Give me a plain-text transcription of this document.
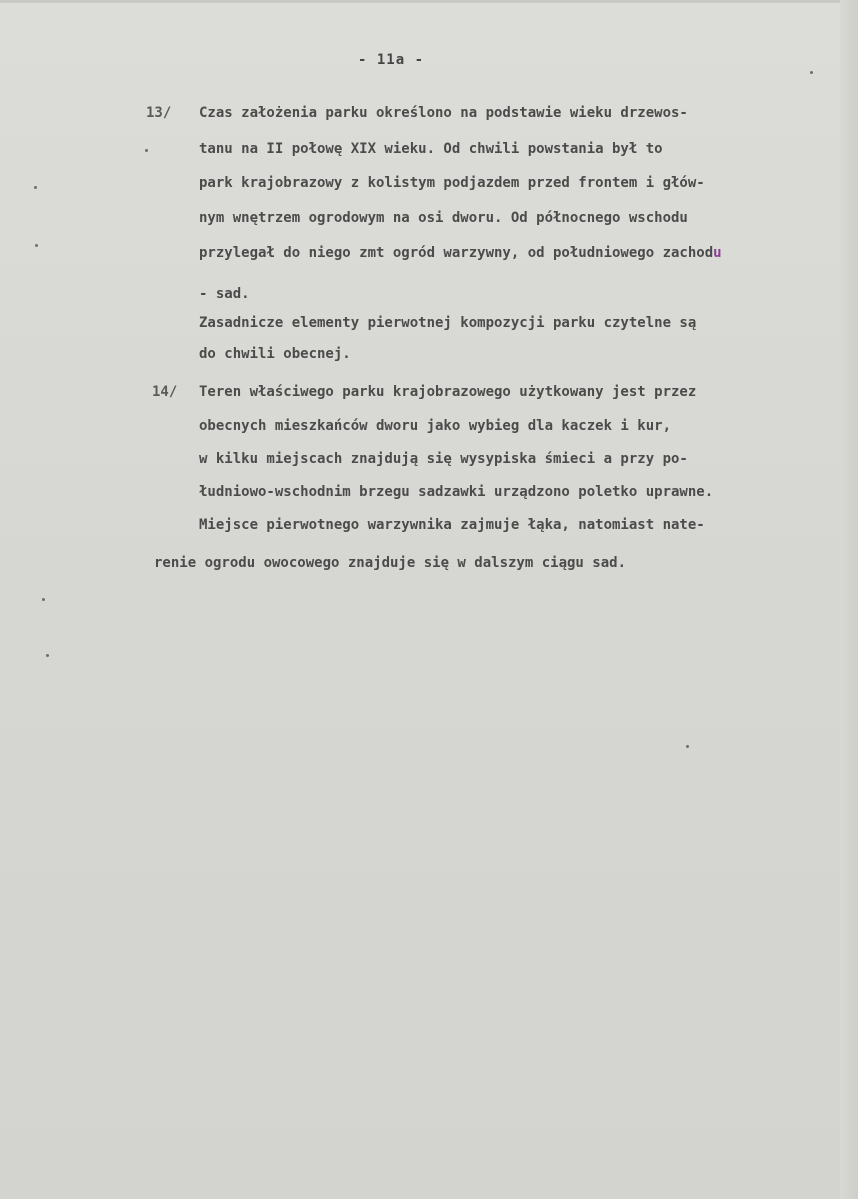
- 11a -
13/ Czas założenia parku określono na podstawie wieku drzewos-
tanu na II połowę XIX wieku. Od chwili powstania był to
park krajobrazowy z kolistym podjazdem przed frontem i głów-
nym wnętrzem ogrodowym na osi dworu. Od północnego wschodu
przylegał do niego zmt ogród warzywny, od południowego zachodu
- sad.
Zasadnicze elementy pierwotnej kompozycji parku czytelne są
do chwili obecnej.
14/ Teren właściwego parku krajobrazowego użytkowany jest przez
obecnych mieszkańców dworu jako wybieg dla kaczek i kur,
w kilku miejscach znajdują się wysypiska śmieci a przy po-
łudniowo-wschodnim brzegu sadzawki urządzono poletko uprawne.
Miejsce pierwotnego warzywnika zajmuje łąka, natomiast nate-
renie ogrodu owocowego znajduje się w dalszym ciągu sad.
